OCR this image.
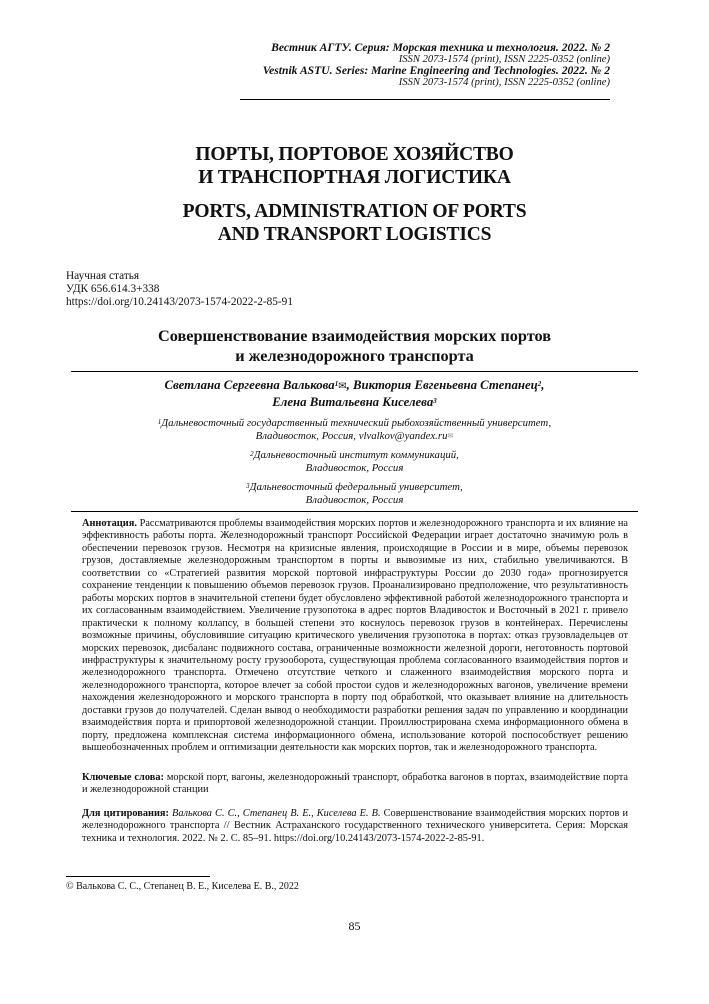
Вестник АГТУ. Серия: Морская техника и технология. 2022. № 2
ISSN 2073-1574 (print), ISSN 2225-0352 (online)
Vestnik ASTU. Series: Marine Engineering and Technologies. 2022. № 2
ISSN 2073-1574 (print), ISSN 2225-0352 (online)
ПОРТЫ, ПОРТОВОЕ ХОЗЯЙСТВО
И ТРАНСПОРТНАЯ ЛОГИСТИКА
PORTS, ADMINISTRATION OF PORTS
AND TRANSPORT LOGISTICS
Научная статья
УДК 656.614.3+338
https://doi.org/10.24143/2073-1574-2022-2-85-91
Совершенствование взаимодействия морских портов
и железнодорожного транспорта
Светлана Сергеевна Валькова$^1$✉, Виктория Евгеньевна Степанец$^2$,
Елена Витальевна Киселева$^3$
$^1$Дальневосточный государственный технический рыбохозяйственный университет,
Владивосток, Россия, vlvalkov@yandex.ru✉
$^2$Дальневосточный институт коммуникаций,
Владивосток, Россия
$^3$Дальневосточный федеральный университет,
Владивосток, Россия
Аннотация. Рассматриваются проблемы взаимодействия морских портов и железнодорожного транспорта и их влияние на эффективность работы порта. Железнодорожный транспорт Российской Федерации играет достаточно значимую роль в обеспечении перевозок грузов. Несмотря на кризисные явления, происходящие в России и в мире, объемы перевозок грузов, доставляемые железнодорожным транспортом в порты и вывозимые из них, стабильно увеличиваются. В соответствии со «Стратегией развития морской портовой инфраструктуры России до 2030 года» прогнозируется сохранение тенденции к повышению объемов перевозок грузов. Проанализировано предположение, что результативность работы морских портов в значительной степени будет обусловлено эффективной работой железнодорожного транспорта и их согласованным взаимодействием. Увеличение грузопотока в адрес портов Владивосток и Восточный в 2021 г. привело практически к полному коллапсу, в большей степени это коснулось перевозок грузов в контейнерах. Перечислены возможные причины, обусловившие ситуацию критического увеличения грузопотока в портах: отказ грузовладельцев от морских перевозок, дисбаланс подвижного состава, ограниченные возможности железной дороги, неготовность портовой инфраструктуры к значительному росту грузооборота, существующая проблема согласованного взаимодействия портов и железнодорожного транспорта. Отмечено отсутствие четкого и слаженного взаимодействия морского порта и железнодорожного транспорта, которое влечет за собой простои судов и железнодорожных вагонов, увеличение времени нахождения железнодорожного и морского транспорта в порту под обработкой, что оказывает влияние на длительность доставки грузов до получателей. Сделан вывод о необходимости разработки решения задач по управлению и координации взаимодействия порта и припортовой железнодорожной станции. Проиллюстрирована схема информационного обмена в порту, предложена комплексная система информационного обмена, использование которой поспособствует решению вышеобозначенных проблем и оптимизации деятельности как морских портов, так и железнодорожного транспорта.
Ключевые слова: морской порт, вагоны, железнодорожный транспорт, обработка вагонов в портах, взаимодействие порта и железнодорожной станции
Для цитирования: Валькова С. С., Степанец В. Е., Киселева Е. В. Совершенствование взаимодействия морских портов и железнодорожного транспорта // Вестник Астраханского государственного технического университета. Серия: Морская техника и технология. 2022. № 2. С. 85–91. https://doi.org/10.24143/2073-1574-2022-2-85-91.
© Валькова С. С., Степанец В. Е., Киселева Е. В., 2022
85
